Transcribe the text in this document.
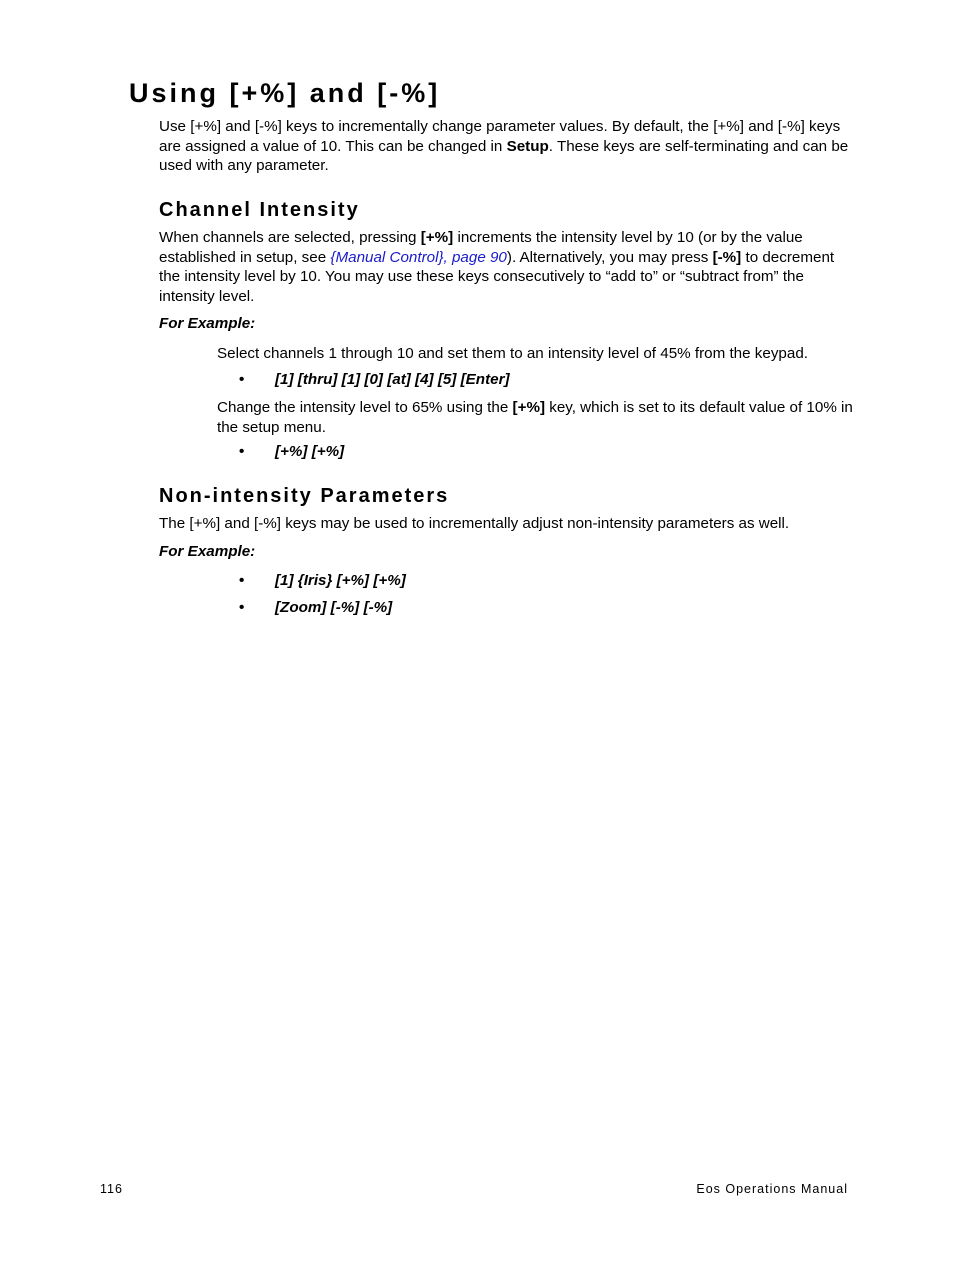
Using [+%] and [-%]

Use [+%] and [-%] keys to incrementally change parameter values. By default, the [+%] and [-%] keys are assigned a value of 10. This can be changed in Setup. These keys are self-terminating and can be used with any parameter.

Channel Intensity

When channels are selected, pressing [+%] increments the intensity level by 10 (or by the value established in setup, see {Manual Control}, page 90). Alternatively, you may press [-%] to decrement the intensity level by 10. You may use these keys consecutively to “add to” or “subtract from” the intensity level.

For Example:

Select channels 1 through 10 and set them to an intensity level of 45% from the keypad.

• [1] [thru] [1] [0] [at] [4] [5] [Enter]

Change the intensity level to 65% using the [+%] key, which is set to its default value of 10% in the setup menu.

• [+%] [+%]
Non-intensity Parameters

The [+%] and [-%] keys may be used to incrementally adjust non-intensity parameters as well.

For Example:
• [1] {Iris} [+%] [+%]
• [Zoom] [-%] [-%]
116	Eos Operations Manual
